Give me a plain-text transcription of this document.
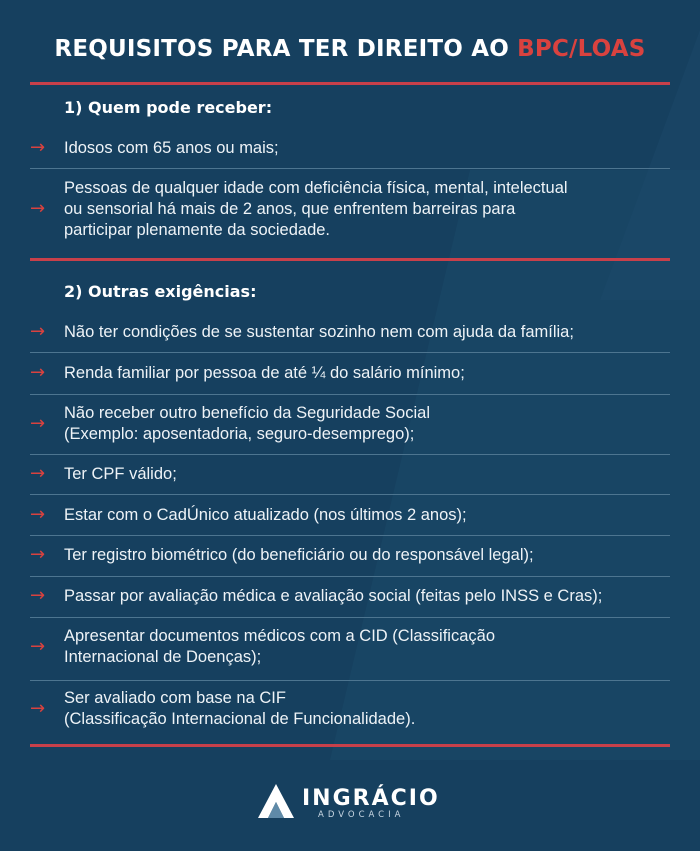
REQUISITOS PARA TER DIREITO AO BPC/LOAS
1) Quem pode receber:
→	Idosos com 65 anos ou mais;
→
Pessoas de qualquer idade com deficiência física, mental, intelectual
ou sensorial há mais de 2 anos, que enfrentem barreiras para
participar plenamente da sociedade.
2) Outras exigências:
→	Não ter condições de se sustentar sozinho nem com ajuda da família;
→	Renda familiar por pessoa de até ¼ do salário mínimo;
→	Não receber outro benefício da Seguridade Social
(Exemplo: aposentadoria, seguro-desemprego);
→	Ter CPF válido;
→	Estar com o CadÚnico atualizado (nos últimos 2 anos);
→	Ter registro biométrico (do beneficiário ou do responsável legal);
→	Passar por avaliação médica e avaliação social (feitas pelo INSS e Cras);
→	Apresentar documentos médicos com a CID (Classificação
Internacional de Doenças);
→	Ser avaliado com base na CIF
(Classificação Internacional de Funcionalidade).
INGRÁCIO
ADVOCACIA
